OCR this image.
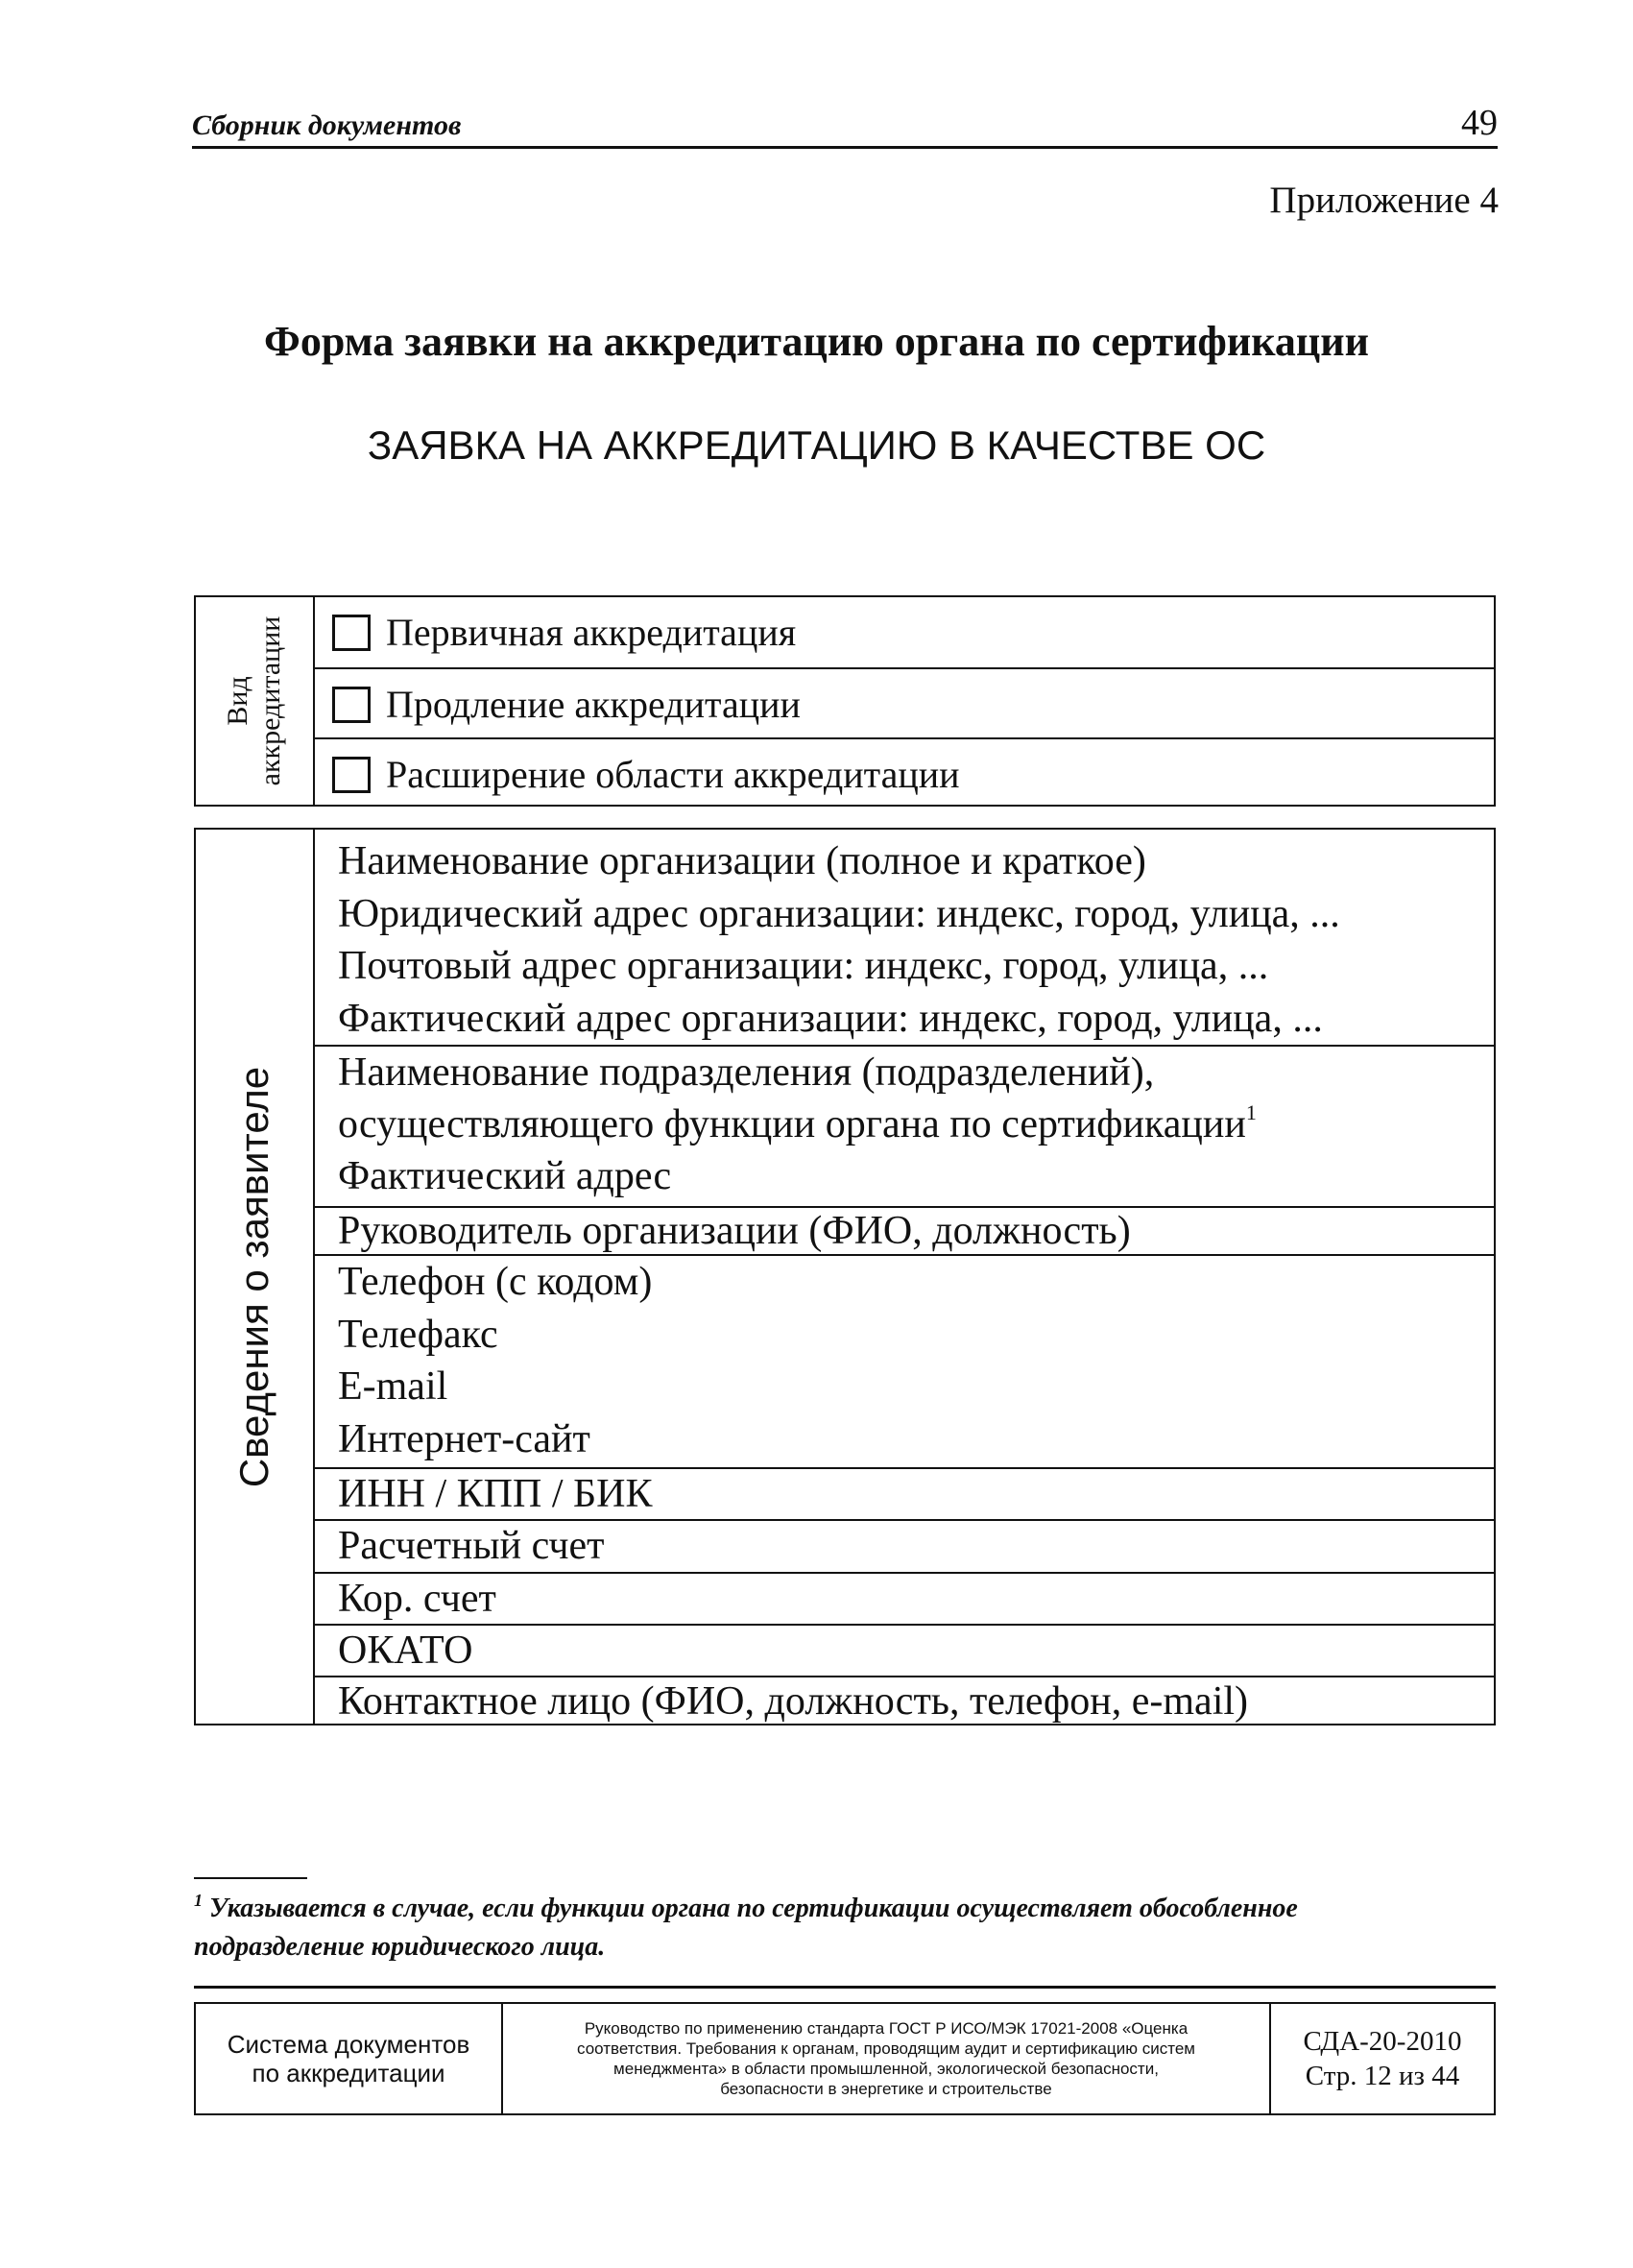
Сборник документов	49
Приложение 4
Форма заявки на аккредитацию органа по сертификации
ЗАЯВКА НА АККРЕДИТАЦИЮ В КАЧЕСТВЕ ОС
Вид аккредитации	Первичная аккредитация
Продление аккредитации
Расширение области аккредитации
Сведения о заявителе
Наименование организации (полное и краткое)
Юридический адрес организации: индекс, город, улица, ...
Почтовый адрес организации: индекс, город, улица, ...
Фактический адрес организации: индекс, город, улица, ...
Наименование подразделения (подразделений),
осуществляющего функции органа по сертификации$^1$
Фактический адрес
Руководитель организации (ФИО, должность)
Телефон (с кодом)
Телефакс
E-mail
Интернет-сайт
ИНН / КПП / БИК
Расчетный счет
Кор. счет
ОКАТО
Контактное лицо (ФИО, должность, телефон, e-mail)
$^1$ Указывается в случае, если функции органа по сертификации осуществляет обособленное
подразделение юридического лица.
Система документов
по аккредитации
Руководство по применению стандарта ГОСТ Р ИСО/МЭК 17021-2008 «Оценка
соответствия. Требования к органам, проводящим аудит и сертификацию систем
менеджмента» в области промышленной, экологической безопасности,
безопасности в энергетике и строительстве
СДА-20-2010
Стр. 12 из 44
